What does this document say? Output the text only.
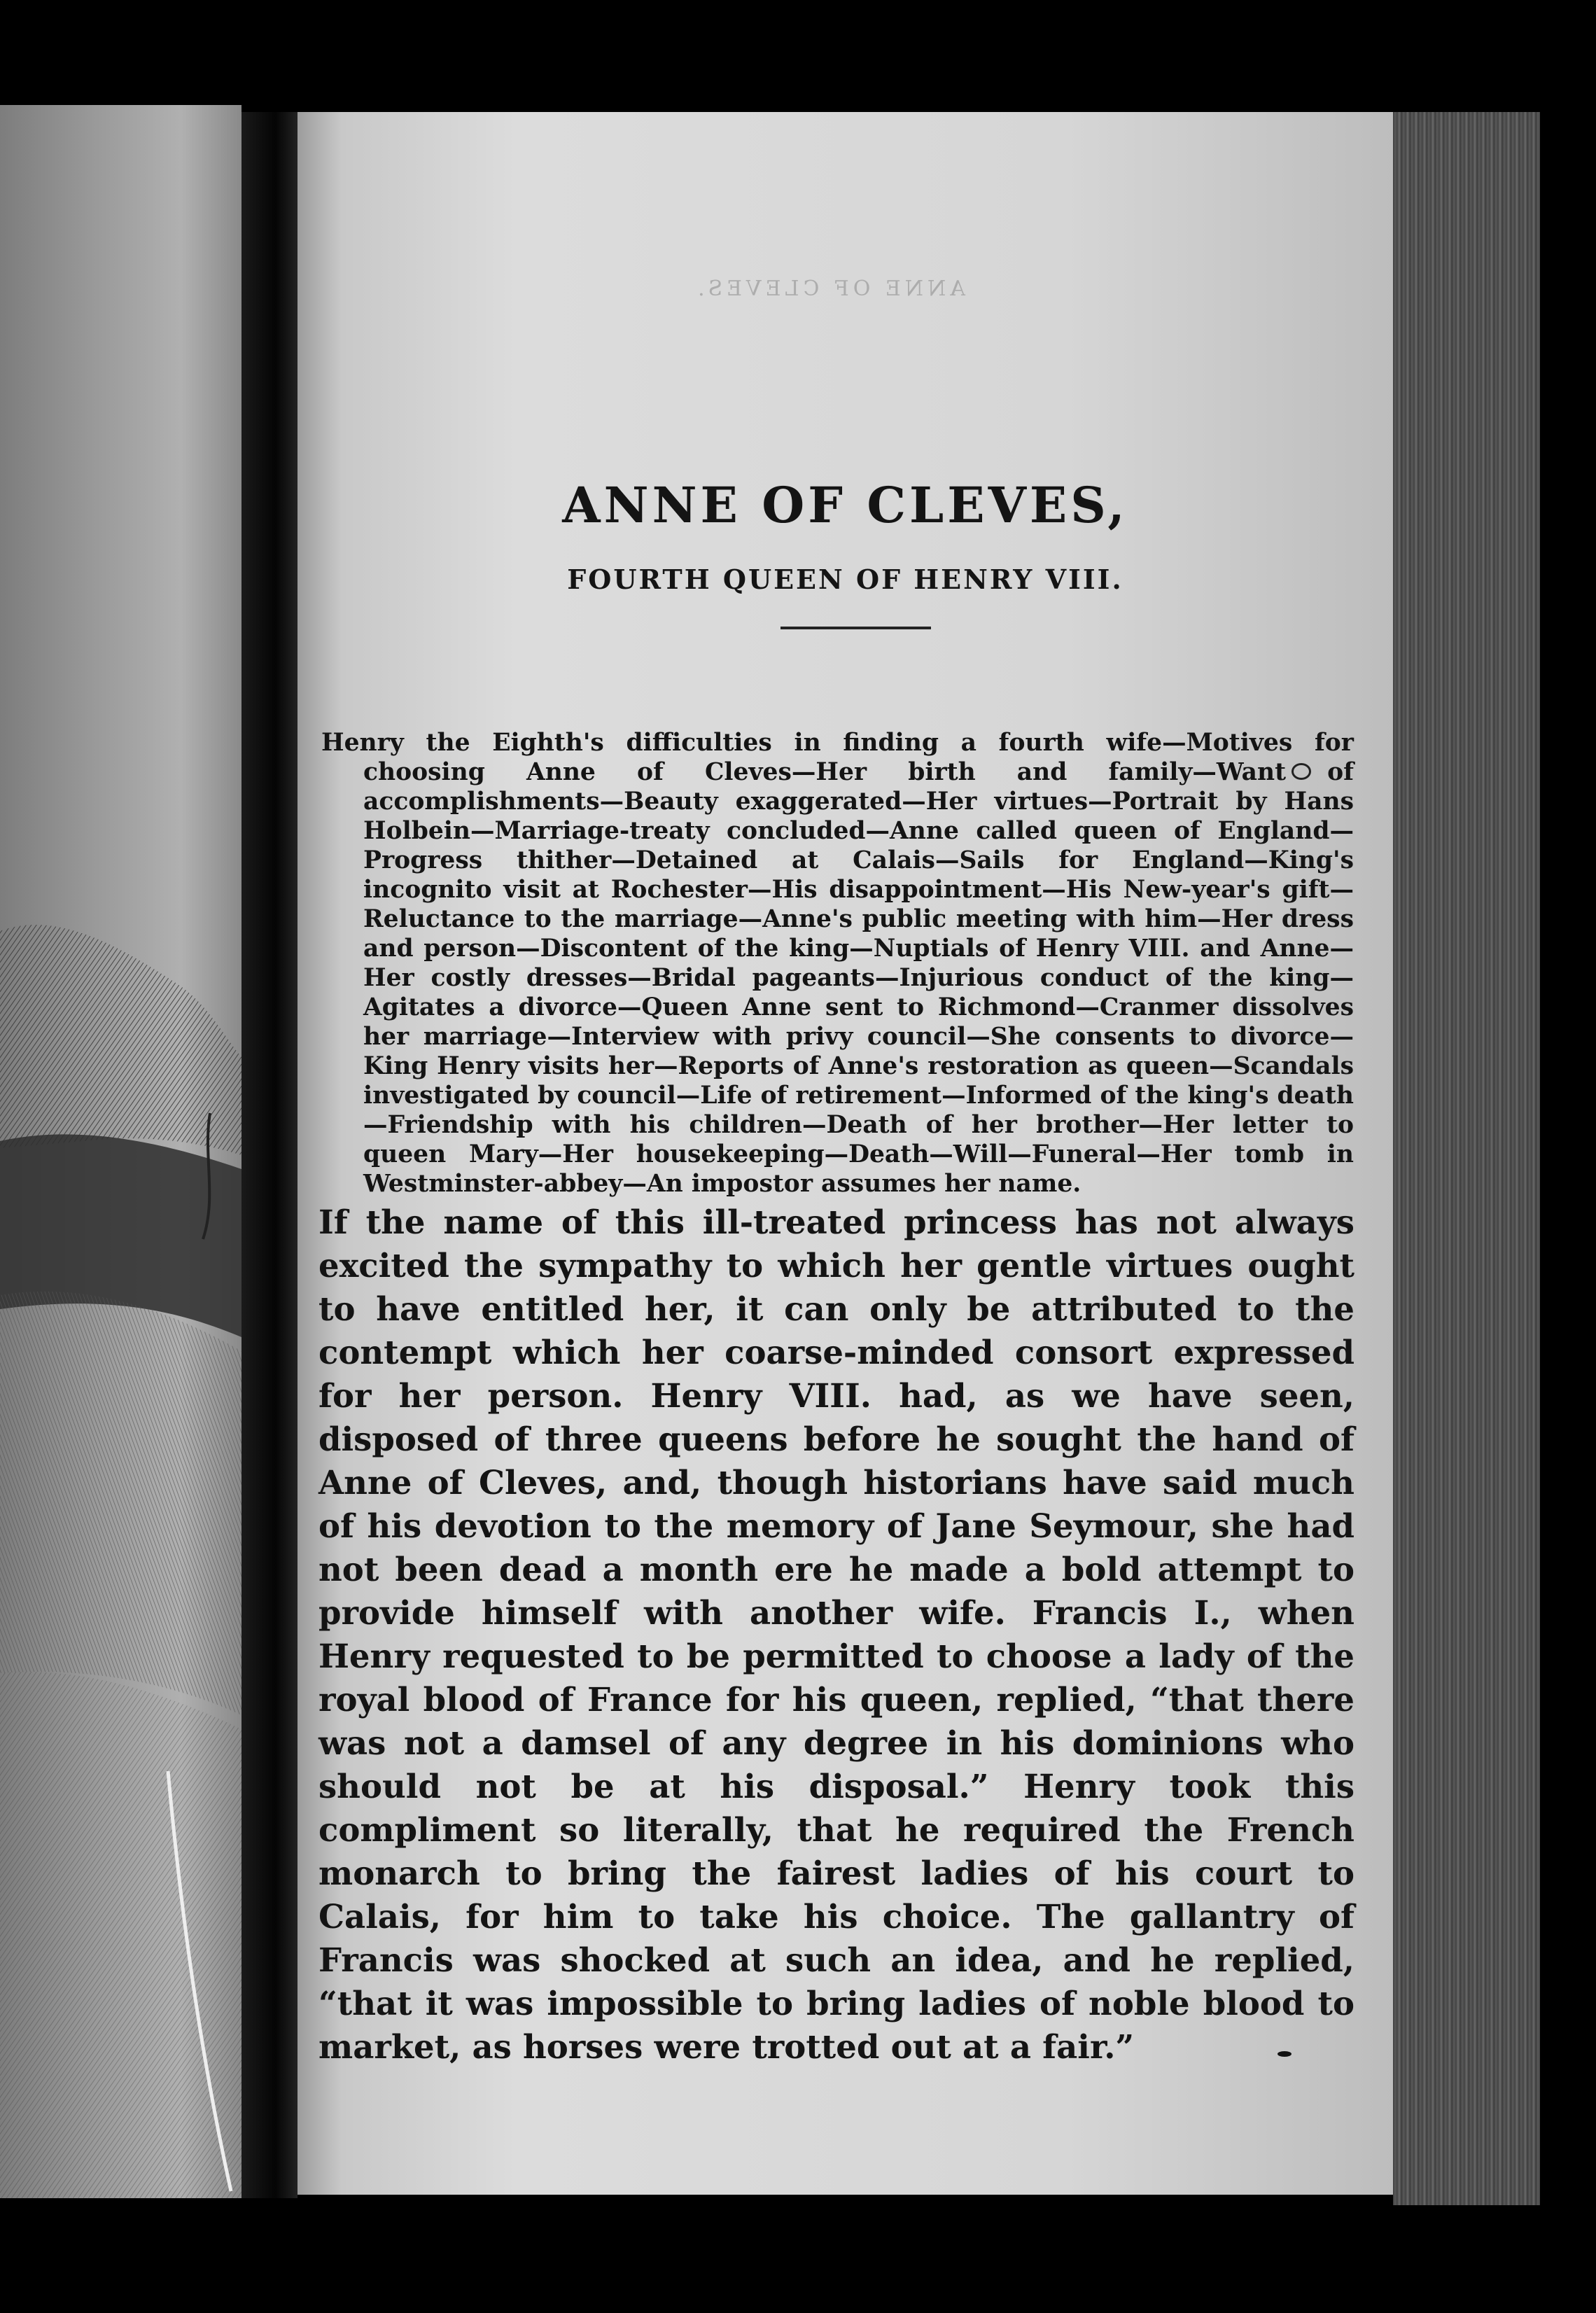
ANNE OF CLEVES.
ANNE OF CLEVES,
FOURTH QUEEN OF HENRY VIII.

Henry the Eighth's difficulties in finding a fourth wife—Motives for choosing Anne of Cleves—Her birth and family—Want of accomplishments—Beauty exaggerated—Her virtues—Portrait by Hans Holbein—Marriage-treaty concluded—Anne called queen of England—Progress thither—Detained at Calais—Sails for England—King's incognito visit at Rochester—His disappointment—His New-year's gift—Reluctance to the marriage—Anne's public meeting with him—Her dress and person—Discontent of the king—Nuptials of Henry VIII. and Anne—Her costly dresses—Bridal pageants—Injurious conduct of the king—Agitates a divorce—Queen Anne sent to Richmond—Cranmer dissolves her marriage—Interview with privy council—She consents to divorce—King Henry visits her—Reports of Anne's restoration as queen—Scandals investigated by council—Life of retirement—Informed of the king's death—Friendship with his children—Death of her brother—Her letter to queen Mary—Her housekeeping—Death—Will—Funeral—Her tomb in Westminster-abbey—An impostor assumes her name.

If the name of this ill-treated princess has not always excited the sympathy to which her gentle virtues ought to have entitled her, it can only be attributed to the contempt which her coarse-minded consort expressed for her person. Henry VIII. had, as we have seen, disposed of three queens before he sought the hand of Anne of Cleves, and, though historians have said much of his devotion to the memory of Jane Seymour, she had not been dead a month ere he made a bold attempt to provide himself with another wife. Francis I., when Henry requested to be permitted to choose a lady of the royal blood of France for his queen, replied, “that there was not a damsel of any degree in his dominions who should not be at his disposal.” Henry took this compliment so literally, that he required the French monarch to bring the fairest ladies of his court to Calais, for him to take his choice. The gallantry of Francis was shocked at such an idea, and he replied, “that it was impossible to bring ladies of noble blood to market, as horses were trotted out at a fair.”
